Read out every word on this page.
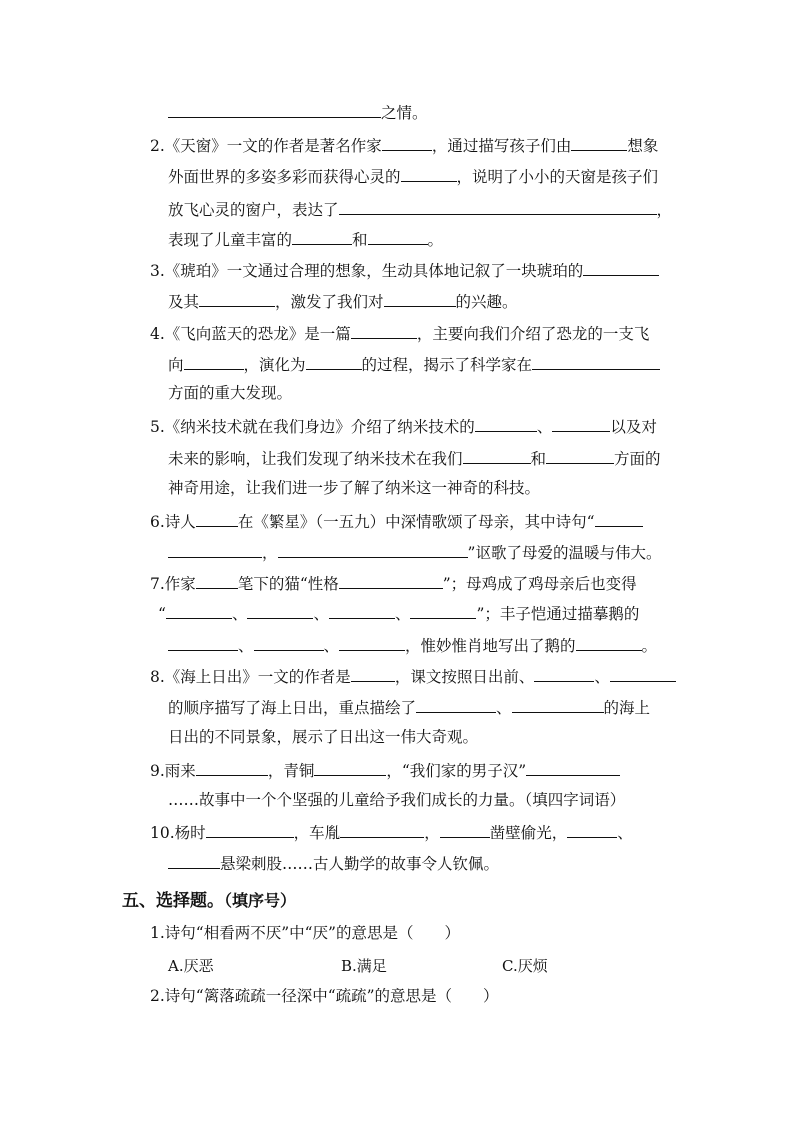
之情。
2.《天窗》一文的作者是著名作家	，通过描写孩子们由	想象
外面世界的多姿多彩而获得心灵的	，说明了小小的天窗是孩子们
放飞心灵的窗户，表达了	，
表现了儿童丰富的	和	。
3.《琥珀》一文通过合理的想象，生动具体地记叙了一块琥珀的
及其	，激发了我们对	的兴趣。
4.《飞向蓝天的恐龙》是一篇	，主要向我们介绍了恐龙的一支飞
向	，演化为	的过程，揭示了科学家在
方面的重大发现。
5.《纳米技术就在我们身边》介绍了纳米技术的	、	以及对
未来的影响，让我们发现了纳米技术在我们	和	方面的
神奇用途，让我们进一步了解了纳米这一神奇的科技。
6.诗人	在《繁星》（一五九）中深情歌颂了母亲，其中诗句“
，	”讴歌了母爱的温暖与伟大。
7.作家	笔下的猫“性格	”；母鸡成了鸡母亲后也变得
“	、	、	、	”；丰子恺通过描摹鹅的
、	、	，惟妙惟肖地写出了鹅的	。
8.《海上日出》一文的作者是	，课文按照日出前、	、
的顺序描写了海上日出，重点描绘了	、	的海上
日出的不同景象，展示了日出这一伟大奇观。
9.雨来	，青铜	，“我们家的男子汉”
……故事中一个个坚强的儿童给予我们成长的力量。（填四字词语）
10.杨时	，车胤	，	凿壁偷光，	、
悬梁刺股……古人勤学的故事令人钦佩。
五、选择题。（填序号）
1.诗句“相看两不厌”中“厌”的意思是（　　）
A.厌恶	B.满足	C.厌烦
2.诗句“篱落疏疏一径深中“疏疏”的意思是（　　）
